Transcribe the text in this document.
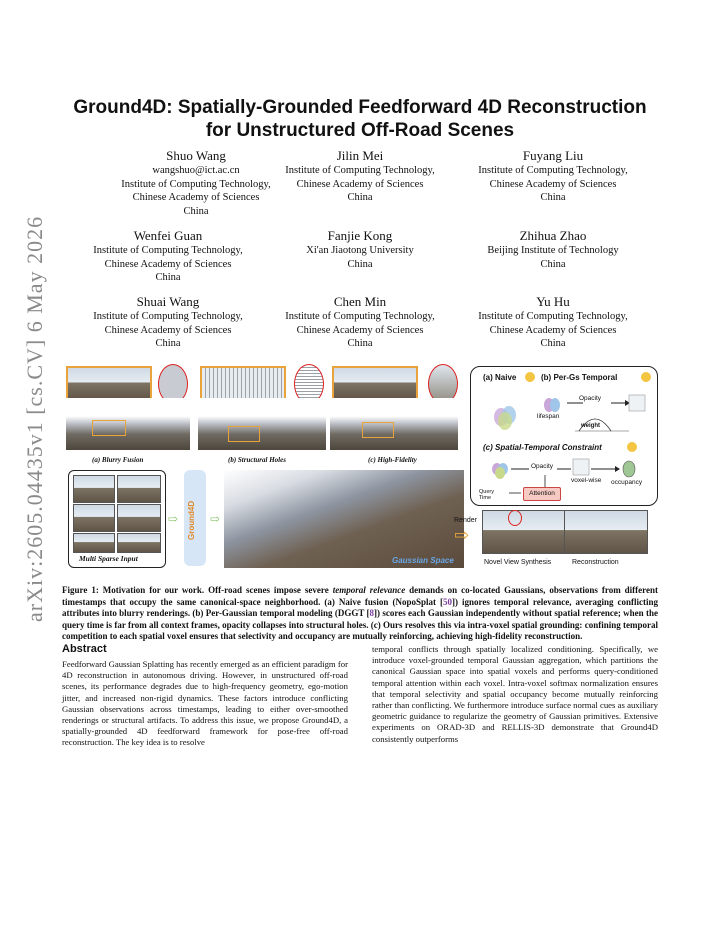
arXiv:2605.04435v1 [cs.CV] 6 May 2026
Ground4D: Spatially-Grounded Feedforward 4D Reconstruction
for Unstructured Off-Road Scenes
Shuo Wang
wangshuo@ict.ac.cn
Institute of Computing Technology,
Chinese Academy of Sciences
China
Jilin Mei
Institute of Computing Technology,
Chinese Academy of Sciences
China
Fuyang Liu
Institute of Computing Technology,
Chinese Academy of Sciences
China
Wenfei Guan
Institute of Computing Technology,
Chinese Academy of Sciences
China
Fanjie Kong
Xi'an Jiaotong University
China
Zhihua Zhao
Beijing Institute of Technology
China
Shuai Wang
Institute of Computing Technology,
Chinese Academy of Sciences
China
Chen Min
Institute of Computing Technology,
Chinese Academy of Sciences
China
Yu Hu
Institute of Computing Technology,
Chinese Academy of Sciences
China
(a) Blurry Fusion	(b) Structural Holes	(c) High-Fidelity
(a) Naive	(b) Per-Gs Temporal
Opacity
lifespan
weight
(c) Spatial-Temporal Constraint
Opacity
Query Time
Attention
voxel-wise occupancy
Multi Sparse Input
⇨ Ground4D	⇨
Gaussian Space
Render
⇨
Novel View Synthesis	Reconstruction
Figure 1: Motivation for our work. Off-road scenes impose severe temporal relevance demands on co-located Gaussians, observations from different timestamps that occupy the same canonical-space neighborhood. (a) Naive fusion (NopoSplat [50]) ignores temporal relevance, averaging conflicting attributes into blurry renderings. (b) Per-Gaussian temporal modeling (DGGT [8]) scores each Gaussian independently without spatial reference; when the query time is far from all context frames, opacity collapses into structural holes. (c) Ours resolves this via intra-voxel spatial grounding: confining temporal competition to each spatial voxel ensures that selectivity and occupancy are mutually reinforcing, achieving high-fidelity reconstruction.
Abstract
Feedforward Gaussian Splatting has recently emerged as an efficient paradigm for 4D reconstruction in autonomous driving. However, in unstructured off-road scenes, its performance degrades due to high-frequency geometry, ego-motion jitter, and increased non-rigid dynamics. These factors introduce conflicting Gaussian observations across timestamps, leading to either over-smoothed renderings or structural artifacts. To address this issue, we propose Ground4D, a spatially-grounded 4D feedforward framework for pose-free off-road reconstruction. The key idea is to resolve
temporal conflicts through spatially localized conditioning. Specifically, we introduce voxel-grounded temporal Gaussian aggregation, which partitions the canonical Gaussian space into spatial voxels and performs query-conditioned temporal attention within each voxel. Intra-voxel softmax normalization ensures that temporal selectivity and spatial occupancy become mutually reinforcing rather than conflicting. We furthermore introduce surface normal cues as auxiliary geometric guidance to regularize the geometry of Gaussian primitives. Extensive experiments on ORAD-3D and RELLIS-3D demonstrate that Ground4D consistently outperforms
